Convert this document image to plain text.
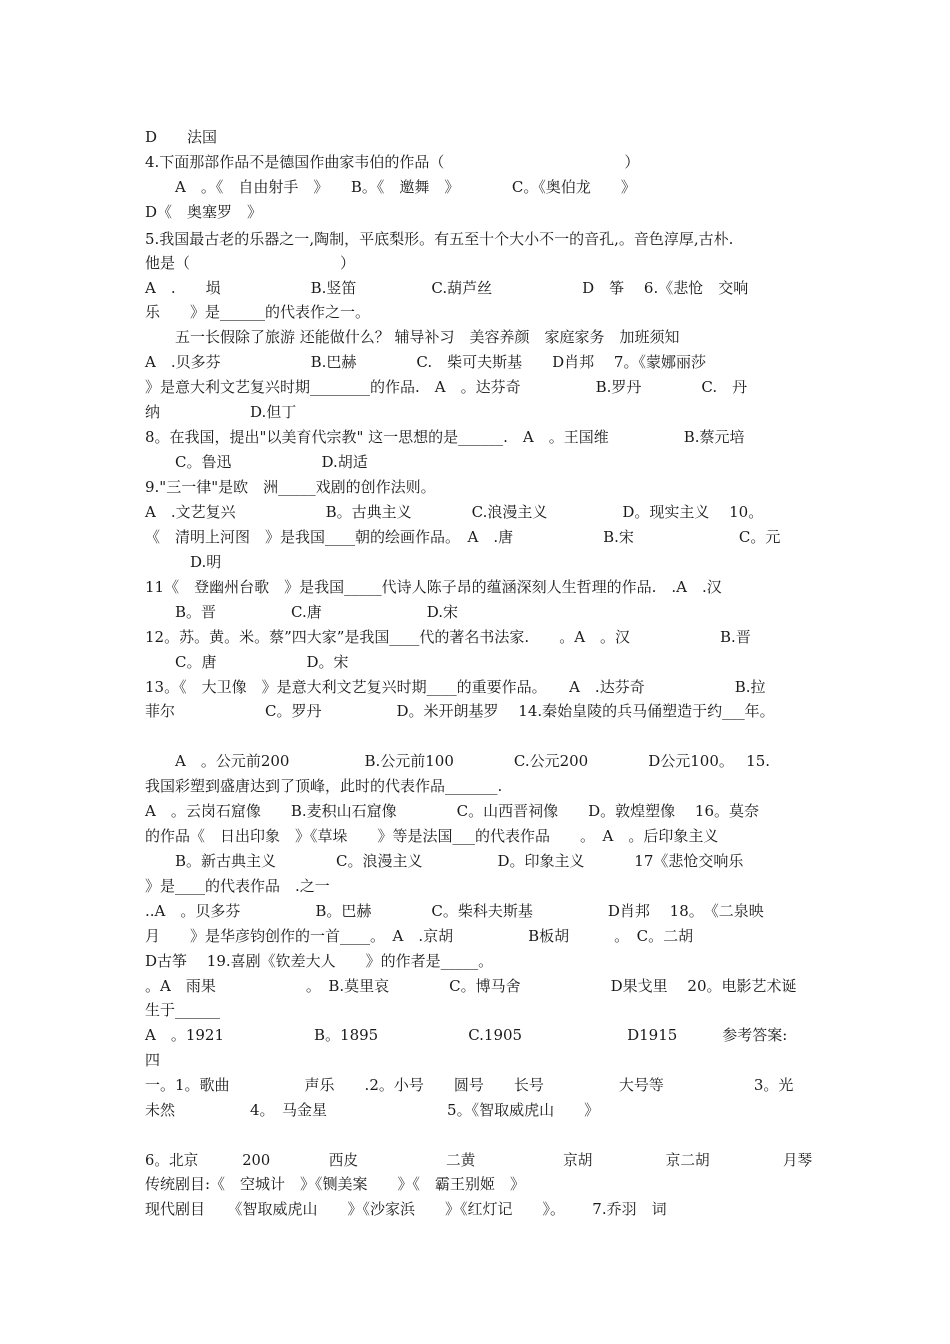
D　　法国
4.下面那部作品不是德国作曲家韦伯的作品（　　　　　　　　　　　　）
　　A　。《　自由射手　》　　B。《　邀舞　》　　　　C。《奥伯龙　　》
D《　奥塞罗　》
5.我国最古老的乐器之一,陶制，平底梨形。有五至十个大小不一的音孔,。音色淳厚,古朴.
他是（　　　　　　　　　　）
A　.　　埙　　　　　　B.竖笛　　　　　C.葫芦丝　　　　　　D　筝　 6.《悲怆　交响
乐　　》是______的代表作之一。
　　五一长假除了旅游 还能做什么？ 辅导补习　美容养颜　家庭家务　加班须知
A　.贝多芬　　　　　　B.巴赫　　　　C.　柴可夫斯基　　D肖邦　 7。《蒙娜丽莎
》是意大利文艺复兴时期________的作品.　A　。达芬奇　　　　　B.罗丹　　　　C.　丹
纳　　　　　　D.但丁
8。在我国，提出"以美育代宗教" 这一思想的是______.　A　。王国维　　　　　B.蔡元培
　　C。鲁迅　　　　　　D.胡适
9."三一律"是欧　洲_____戏剧的创作法则。
A　.文艺复兴　　　　　　B。古典主义　　　　C.浪漫主义　　　　　D。现实主义　 10。
《　清明上河图　》是我国____朝的绘画作品。　A　.唐　　　　　　B.宋　　　　　　　C。元
　　　D.明
11《　登幽州台歌　》是我国_____代诗人陈子昂的蕴涵深刻人生哲理的作品.　.A　.汉
　　B。晋　　　　　C.唐　　　　　　　D.宋
12。苏。黄。米。蔡”四大家”是我国____代的著名书法家.　　。A　。汉　　　　　　B.晋
　　C。唐　　　　　　D。宋
13。《　大卫像　》是意大利文艺复兴时期____的重要作品。　　A　.达芬奇　　　　　　B.拉
菲尔　　　　　　C。罗丹　　　　　D。米开朗基罗　 14.秦始皇陵的兵马俑塑造于约___年。
　　A　。公元前200　　　　　B.公元前100　　　　C.公元200　　　　D公元100。　 15.
我国彩塑到盛唐达到了顶峰，此时的代表作品_______.
A　。云岗石窟像　　B.麦积山石窟像　　　　C。山西晋祠像　　D。敦煌塑像　 16。莫奈
的作品《　日出印象　》《草垛　　》等是法国___的代表作品　　。　A　。后印象主义
　　B。新古典主义　　　　C。浪漫主义　　　　　D。印象主义　　　 17《悲怆交响乐
》是____的代表作品　.之一
..A　。贝多芬　　　　　B。巴赫　　　　C。柴科夫斯基　　　　　D肖邦　 18。　《二泉映
月　　》是华彦钧创作的一首____。　A　.京胡　　　　　B板胡　　　。　C。二胡
D古筝　 19.喜剧《钦差大人　　》的作者是_____。
。A　雨果　　　　　　。　B.莫里哀　　　　C。博马舍　　　　　　D果戈里　 20。电影艺术诞
生于______
A　。1921　　　　　　B。1895　　　　　　C.1905　　　　　　　D1915　　　参考答案:
四
一。1。歌曲　　　　　声乐　　.2。小号　　圆号　　长号　　　　　大号等　　　　　　3。光
未然　　　　　4。　马金星　　　　　　　　5。《智取威虎山　　》
6。北京　　　200　　　　西皮　　　　　　二黄　　　　　　京胡　　　　　京二胡　　　　　月琴
传统剧目:《　空城计　》《铡美案　　》《　霸王别姬　》
现代剧目　　《智取威虎山　　》《沙家浜　　》《红灯记　　》。　　 7.乔羽　词
